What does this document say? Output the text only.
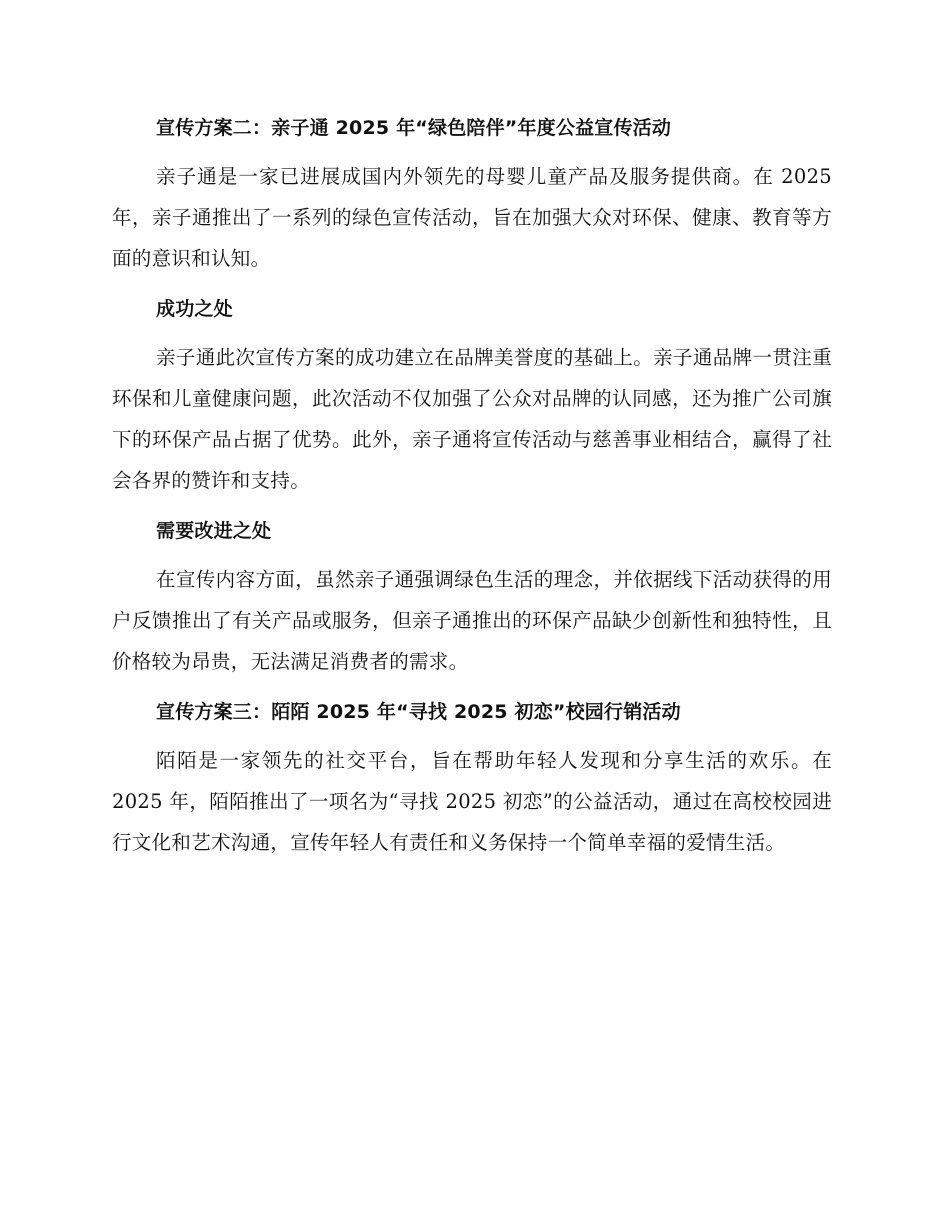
宣传方案二：亲子通 2025 年“绿色陪伴”年度公益宣传活动

亲子通是一家已进展成国内外领先的母婴儿童产品及服务提供商。在 2025 年，亲子通推出了一系列的绿色宣传活动，旨在加强大众对环保、健康、教育等方面的意识和认知。

成功之处

亲子通此次宣传方案的成功建立在品牌美誉度的基础上。亲子通品牌一贯注重环保和儿童健康问题，此次活动不仅加强了公众对品牌的认同感，还为推广公司旗下的环保产品占据了优势。此外，亲子通将宣传活动与慈善事业相结合，赢得了社会各界的赞许和支持。

需要改进之处

在宣传内容方面，虽然亲子通强调绿色生活的理念，并依据线下活动获得的用户反馈推出了有关产品或服务，但亲子通推出的环保产品缺少创新性和独特性，且价格较为昂贵，无法满足消费者的需求。

宣传方案三：陌陌 2025 年“寻找 2025 初恋”校园行销活动

陌陌是一家领先的社交平台，旨在帮助年轻人发现和分享生活的欢乐。在 2025 年，陌陌推出了一项名为“寻找 2025 初恋”的公益活动，通过在高校校园进行文化和艺术沟通，宣传年轻人有责任和义务保持一个简单幸福的爱情生活。
